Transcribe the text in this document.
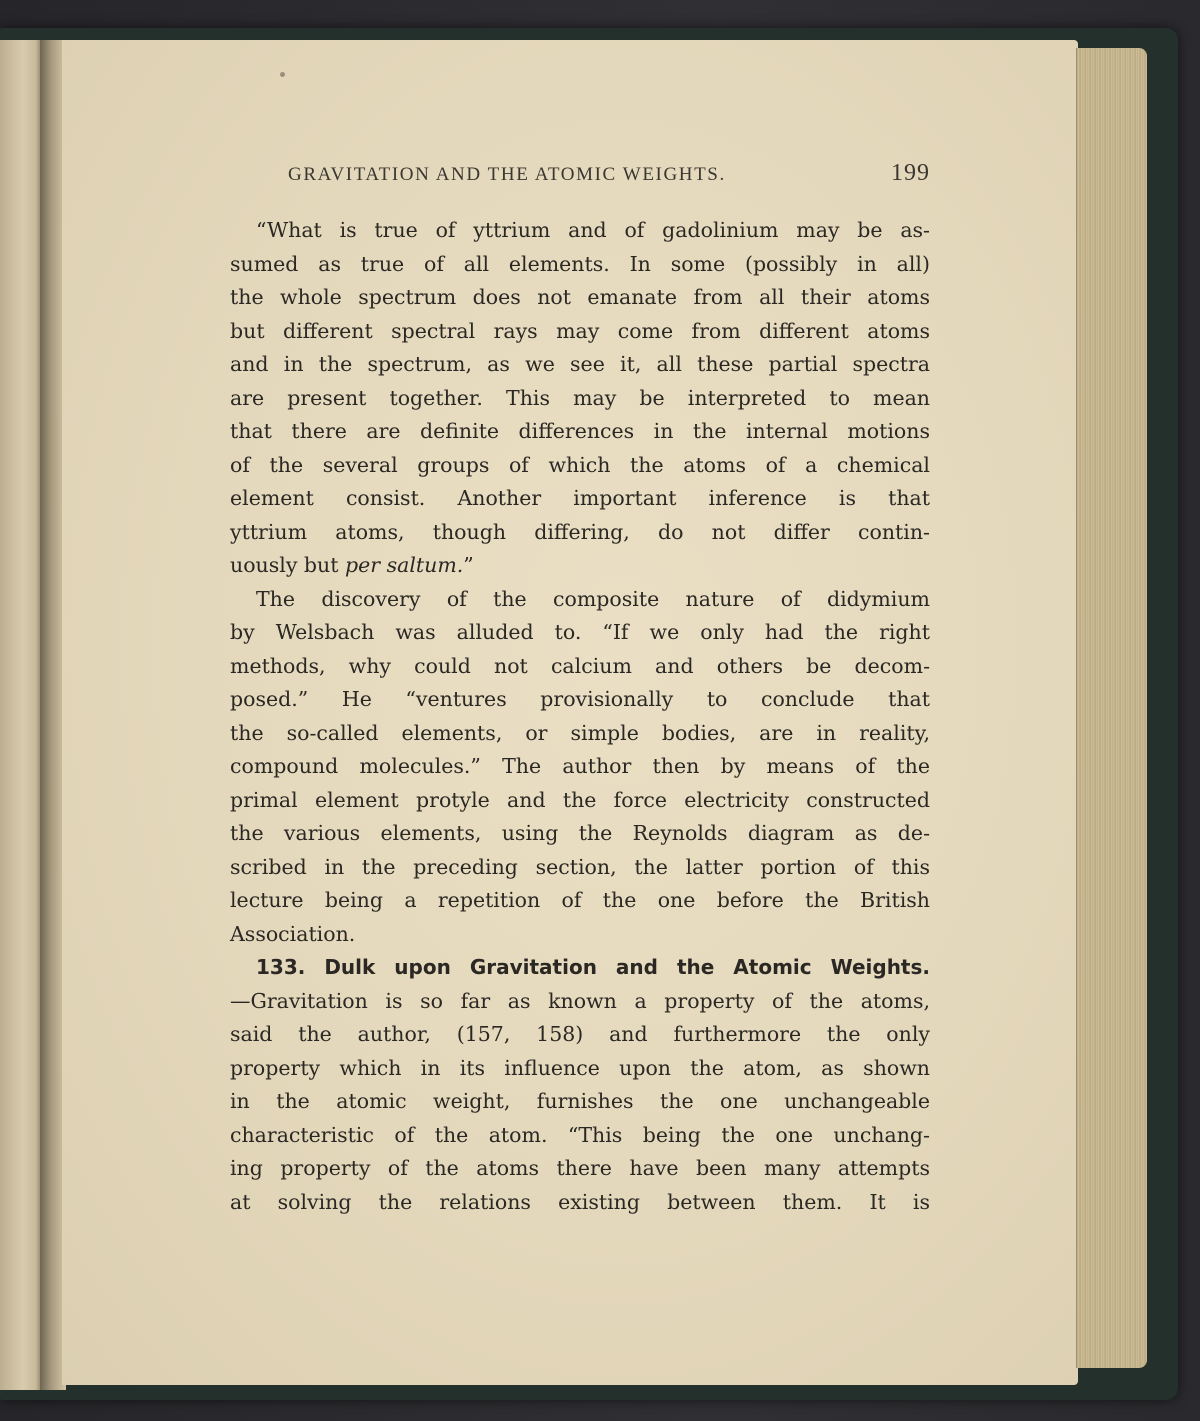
GRAVITATION AND THE ATOMIC WEIGHTS.	199
“What is true of yttrium and of gadolinium may be as-
sumed as true of all elements. In some (possibly in all)
the whole spectrum does not emanate from all their atoms
but different spectral rays may come from different atoms
and in the spectrum, as we see it, all these partial spectra
are present together. This may be interpreted to mean
that there are definite differences in the internal motions
of the several groups of which the atoms of a chemical
element consist. Another important inference is that
yttrium atoms, though differing, do not differ contin-
uously but per saltum.”
The discovery of the composite nature of didymium
by Welsbach was alluded to. “If we only had the right
methods, why could not calcium and others be decom-
posed.” He “ventures provisionally to conclude that
the so-called elements, or simple bodies, are in reality,
compound molecules.” The author then by means of the
primal element protyle and the force electricity constructed
the various elements, using the Reynolds diagram as de-
scribed in the preceding section, the latter portion of this
lecture being a repetition of the one before the British
Association.
133. Dulk upon Gravitation and the Atomic Weights.
—Gravitation is so far as known a property of the atoms,
said the author, (157, 158) and furthermore the only
property which in its influence upon the atom, as shown
in the atomic weight, furnishes the one unchangeable
characteristic of the atom. “This being the one unchang-
ing property of the atoms there have been many attempts
at solving the relations existing between them. It is
